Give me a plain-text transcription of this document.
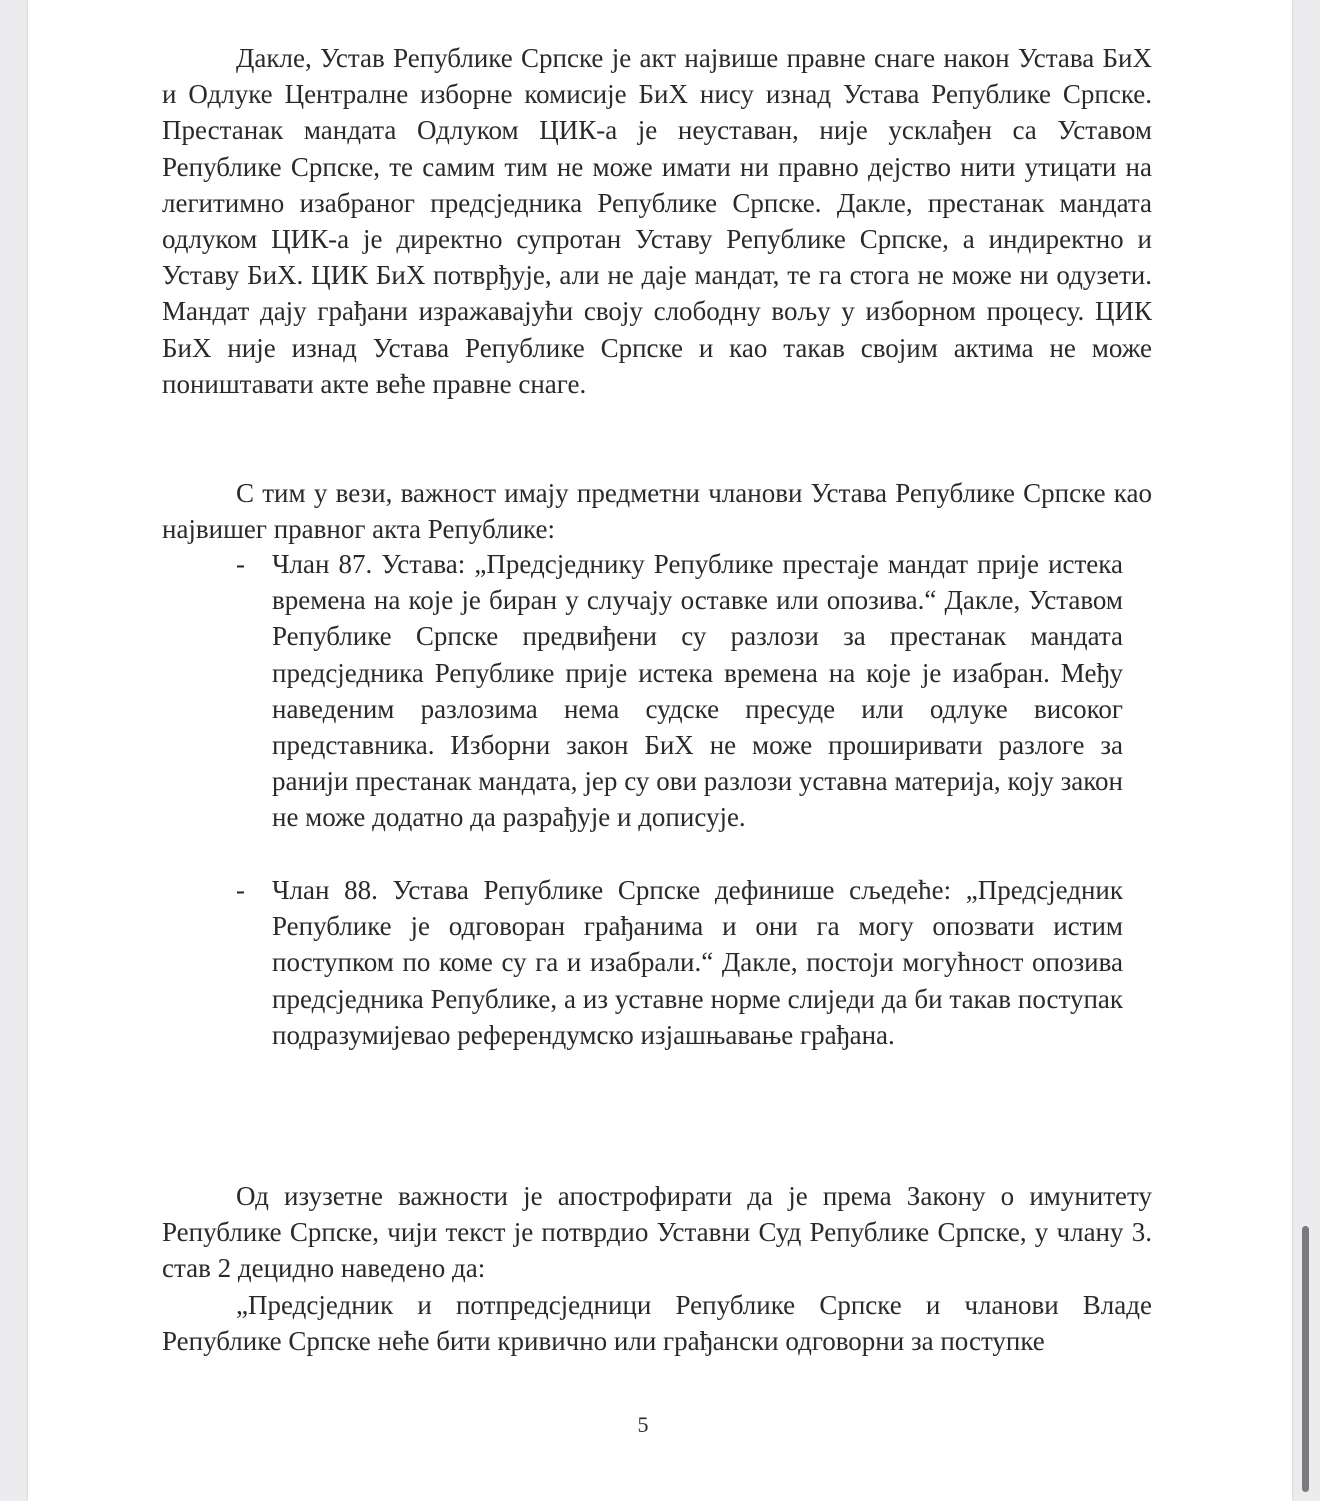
Дакле, Устав Републике Српске је акт највише правне снаге након Устава БиХ и Одлуке Централне изборне комисије БиХ нису изнад Устава Републике Српске. Престанак мандата Одлуком ЦИК-а је неуставан, није усклађен са Уставом Републике Српске, те самим тим не може имати ни правно дејство нити утицати на легитимно изабраног предсједника Републике Српске. Дакле, престанак мандата одлуком ЦИК-а је директно супротан Уставу Републике Српске, а индиректно и Уставу БиХ. ЦИК БиХ потврђује, али не даје мандат, те га стога не може ни одузети. Мандат дају грађани изражавајући своју слободну вољу у изборном процесу. ЦИК БиХ није изнад Устава Републике Српске и као такав својим актима не може поништавати акте веће правне снаге.

С тим у вези, важност имају предметни чланови Устава Републике Српске као највишег правног акта Републике:

- Члан 87. Устава: „Предсједнику Републике престаје мандат прије истека времена на које је биран у случају оставке или опозива.“ Дакле, Уставом Републике Српске предвиђени су разлози за престанак мандата предсједника Републике прије истека времена на које је изабран. Међу наведеним разлозима нема судске пресуде или одлуке високог представника. Изборни закон БиХ не може проширивати разлоге за ранији престанак мандата, јер су ови разлози уставна материја, коју закон не може додатно да разрађује и дописује.

- Члан 88. Устава Републике Српске дефинише сљедеће: „Предсједник Републике је одговоран грађанима и они га могу опозвати истим поступком по коме су га и изабрали.“ Дакле, постоји могућност опозива предсједника Републике, а из уставне норме слиједи да би такав поступак подразумијевао референдумско изјашњавање грађана.

Од изузетне важности је апострофирати да је према Закону о имунитету Републике Српске, чији текст је потврдио Уставни Суд Републике Српске, у члану 3. став 2 децидно наведено да:

„Предсједник и потпредсједници Републике Српске и чланови Владе Републике Српске неће бити кривично или грађански одговорни за поступке

5
